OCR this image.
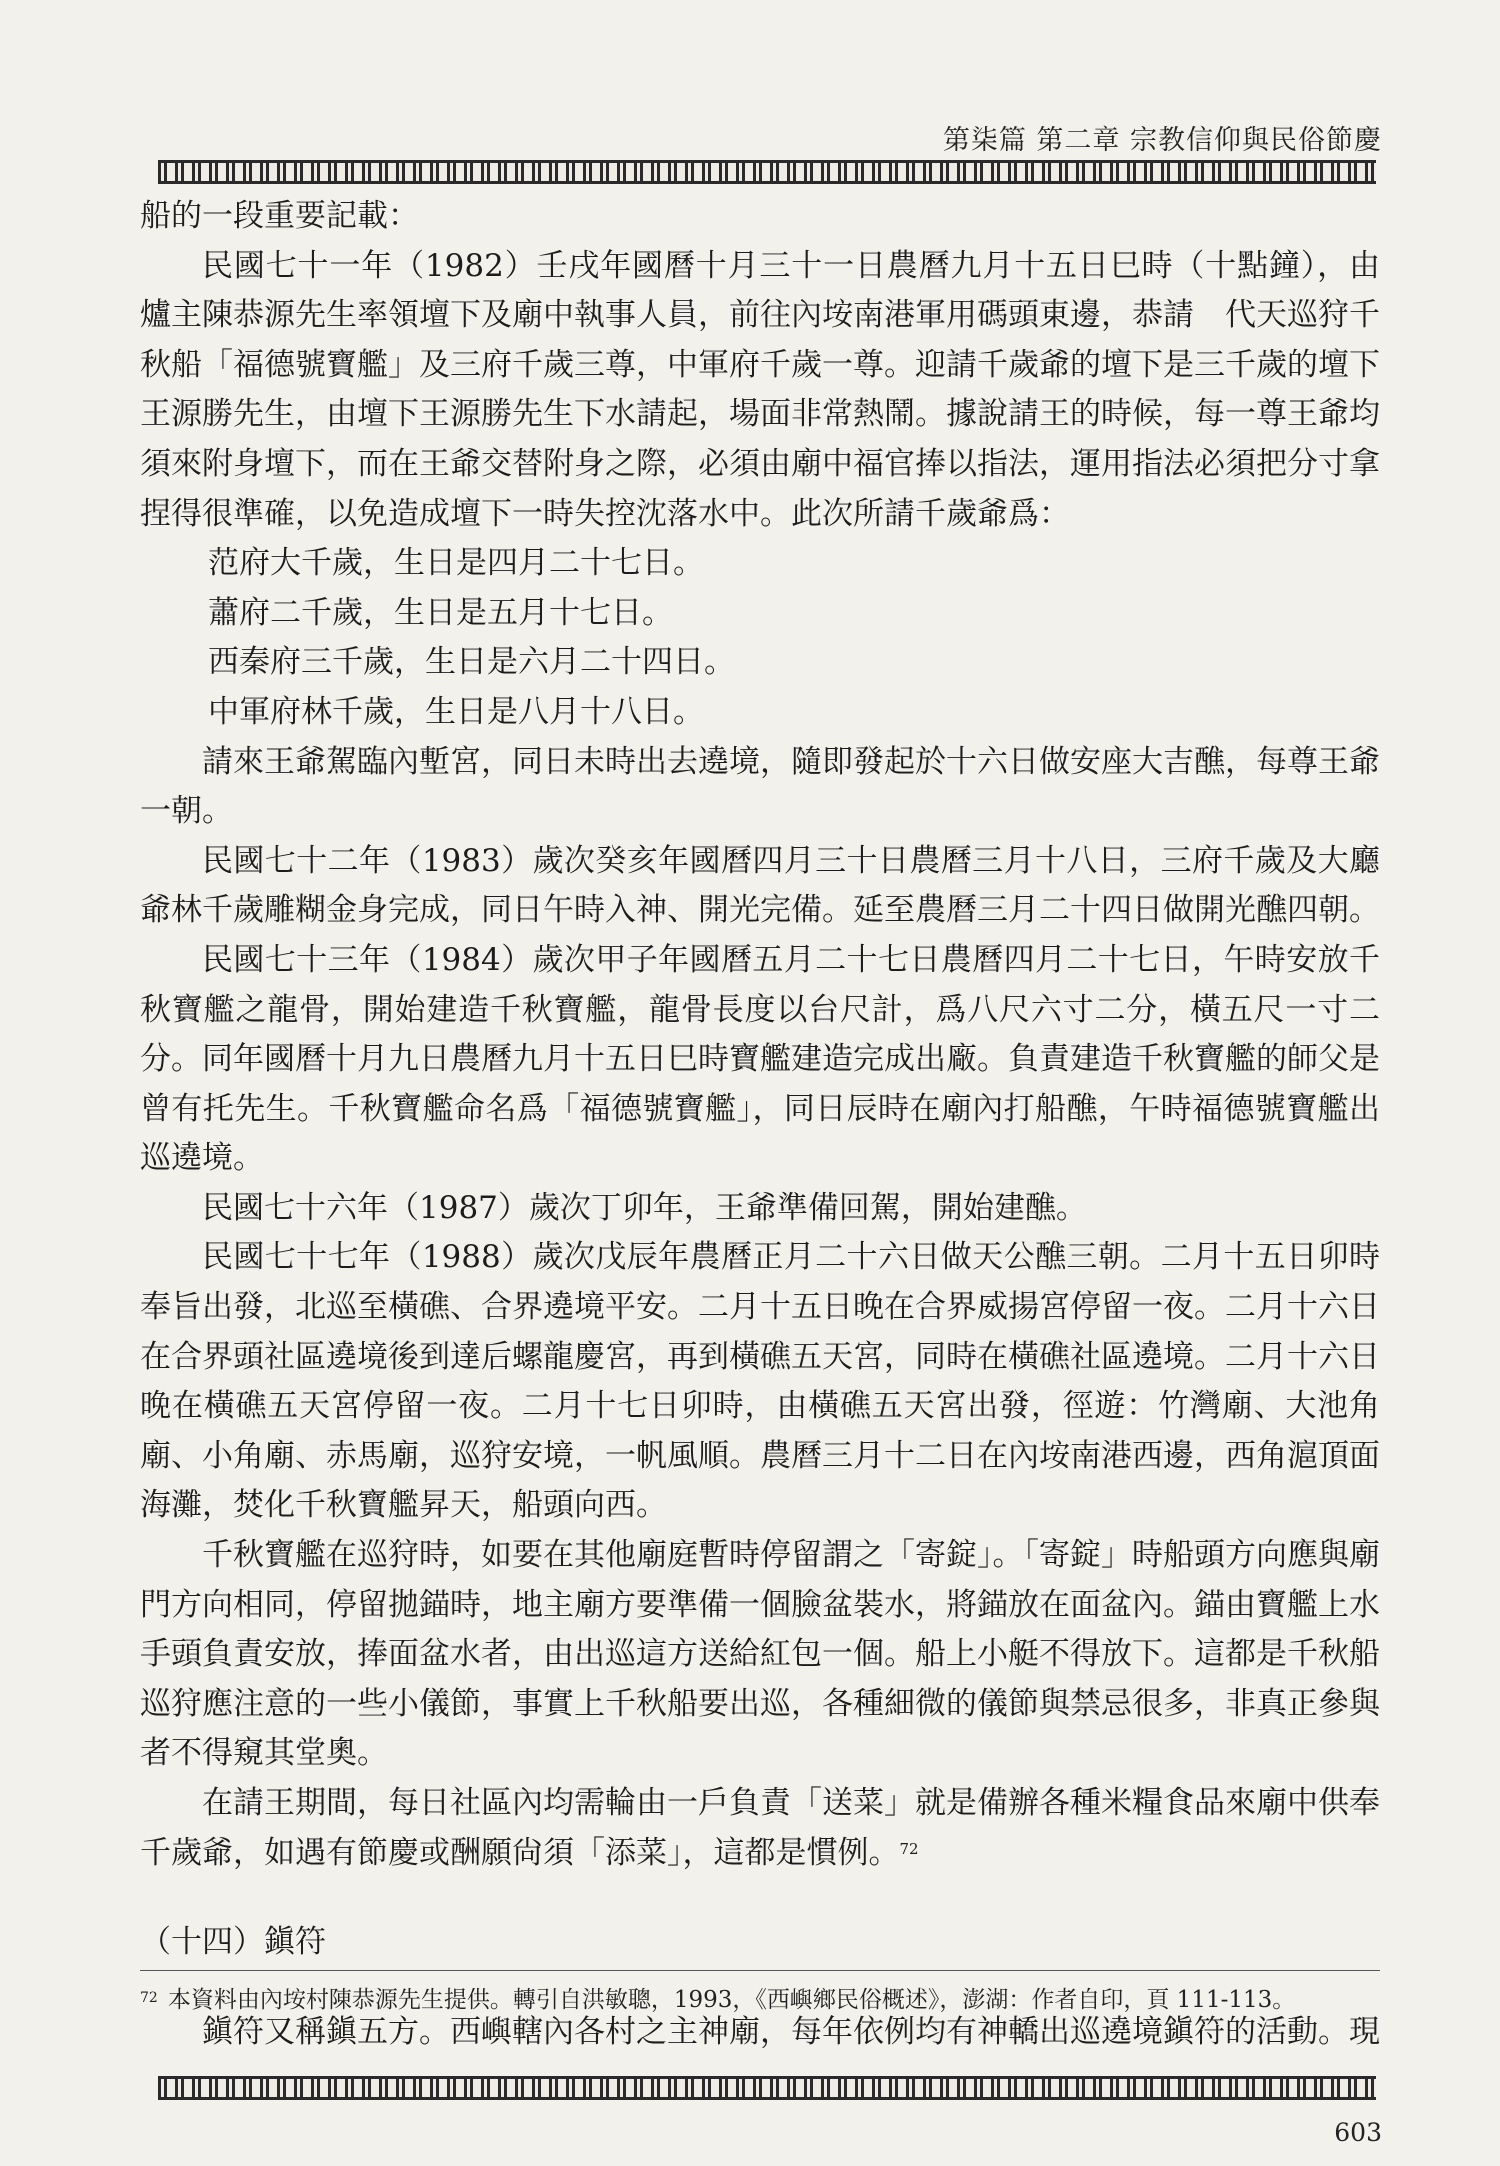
第柒篇 第二章 宗教信仰與民俗節慶

船的一段重要記載：

民國七十一年（1982）壬戌年國曆十月三十一日農曆九月十五日巳時（十點鐘），由爐主陳恭源先生率領壇下及廟中執事人員，前往內垵南港軍用碼頭東邊，恭請　代天巡狩千秋船「福德號寶艦」及三府千歲三尊，中軍府千歲一尊。迎請千歲爺的壇下是三千歲的壇下王源勝先生，由壇下王源勝先生下水請起，場面非常熱鬧。據說請王的時候，每一尊王爺均須來附身壇下，而在王爺交替附身之際，必須由廟中福官捧以指法，運用指法必須把分寸拿捏得很準確，以免造成壇下一時失控沈落水中。此次所請千歲爺爲：

范府大千歲，生日是四月二十七日。

蕭府二千歲，生日是五月十七日。

西秦府三千歲，生日是六月二十四日。

中軍府林千歲，生日是八月十八日。

請來王爺駕臨內塹宮，同日未時出去遶境，隨即發起於十六日做安座大吉醮，每尊王爺一朝。

民國七十二年（1983）歲次癸亥年國曆四月三十日農曆三月十八日，三府千歲及大廳爺林千歲雕糊金身完成，同日午時入神、開光完備。延至農曆三月二十四日做開光醮四朝。

民國七十三年（1984）歲次甲子年國曆五月二十七日農曆四月二十七日，午時安放千秋寶艦之龍骨，開始建造千秋寶艦，龍骨長度以台尺計，爲八尺六寸二分，橫五尺一寸二分。同年國曆十月九日農曆九月十五日巳時寶艦建造完成出廠。負責建造千秋寶艦的師父是曾有托先生。千秋寶艦命名爲「福德號寶艦」，同日辰時在廟內打船醮，午時福德號寶艦出巡遶境。

民國七十六年（1987）歲次丁卯年，王爺準備回駕，開始建醮。

民國七十七年（1988）歲次戊辰年農曆正月二十六日做天公醮三朝。二月十五日卯時奉旨出發，北巡至橫礁、合界遶境平安。二月十五日晚在合界威揚宮停留一夜。二月十六日在合界頭社區遶境後到達后螺龍慶宮，再到橫礁五天宮，同時在橫礁社區遶境。二月十六日晚在橫礁五天宮停留一夜。二月十七日卯時，由橫礁五天宮出發，徑遊：竹灣廟、大池角廟、小角廟、赤馬廟，巡狩安境，一帆風順。農曆三月十二日在內垵南港西邊，西角滬頂面海灘，焚化千秋寶艦昇天，船頭向西。

千秋寶艦在巡狩時，如要在其他廟庭暫時停留謂之「寄錠」。「寄錠」時船頭方向應與廟門方向相同，停留拋錨時，地主廟方要準備一個臉盆裝水，將錨放在面盆內。錨由寶艦上水手頭負責安放，捧面盆水者，由出巡這方送給紅包一個。船上小艇不得放下。這都是千秋船巡狩應注意的一些小儀節，事實上千秋船要出巡，各種細微的儀節與禁忌很多，非真正參與者不得窺其堂奧。

在請王期間，每日社區內均需輪由一戶負責「送菜」就是備辦各種米糧食品來廟中供奉千歲爺，如遇有節慶或酬願尙須「添菜」，這都是慣例。$^{72}$

（十四）鎭符

鎭符又稱鎭五方。西嶼轄內各村之主神廟，每年依例均有神轎出巡遶境鎭符的活動。現

$^{72}$ 本資料由內垵村陳恭源先生提供。轉引自洪敏聰，1993，《西嶼鄉民俗概述》，澎湖：作者自印，頁 111-113。
603
